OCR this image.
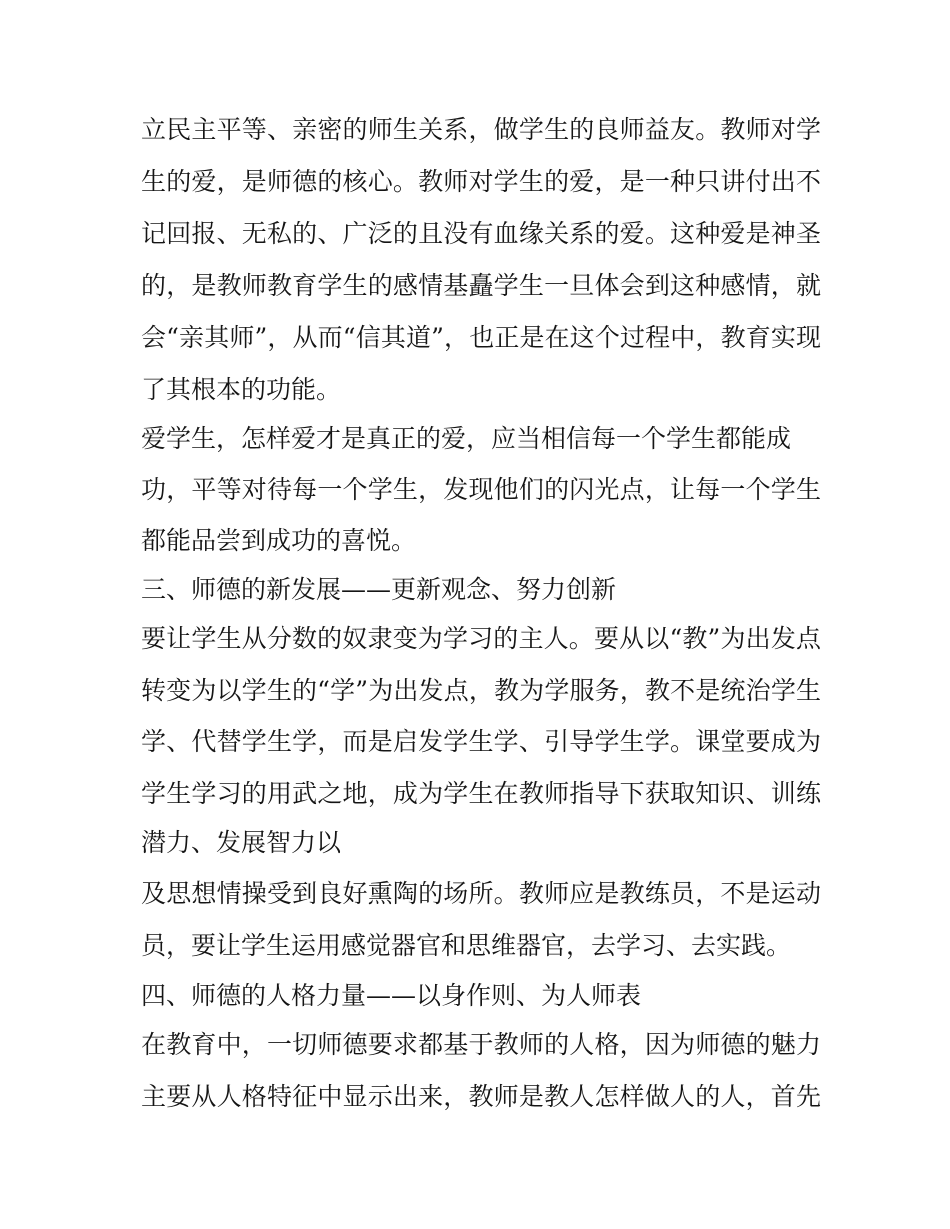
立民主平等、亲密的师生关系，做学生的良师益友。教师对学
生的爱，是师德的核心。教师对学生的爱，是一种只讲付出不
记回报、无私的、广泛的且没有血缘关系的爱。这种爱是神圣
的，是教师教育学生的感情基矗学生一旦体会到这种感情，就
会“亲其师”，从而“信其道”，也正是在这个过程中，教育实现
了其根本的功能。
爱学生，怎样爱才是真正的爱，应当相信每一个学生都能成
功，平等对待每一个学生，发现他们的闪光点，让每一个学生
都能品尝到成功的喜悦。
三、师德的新发展——更新观念、努力创新
要让学生从分数的奴隶变为学习的主人。要从以“教”为出发点
转变为以学生的“学”为出发点，教为学服务，教不是统治学生
学、代替学生学，而是启发学生学、引导学生学。课堂要成为
学生学习的用武之地，成为学生在教师指导下获取知识、训练
潜力、发展智力以
及思想情操受到良好熏陶的场所。教师应是教练员，不是运动
员，要让学生运用感觉器官和思维器官，去学习、去实践。
四、师德的人格力量——以身作则、为人师表
在教育中，一切师德要求都基于教师的人格，因为师德的魅力
主要从人格特征中显示出来，教师是教人怎样做人的人，首先
